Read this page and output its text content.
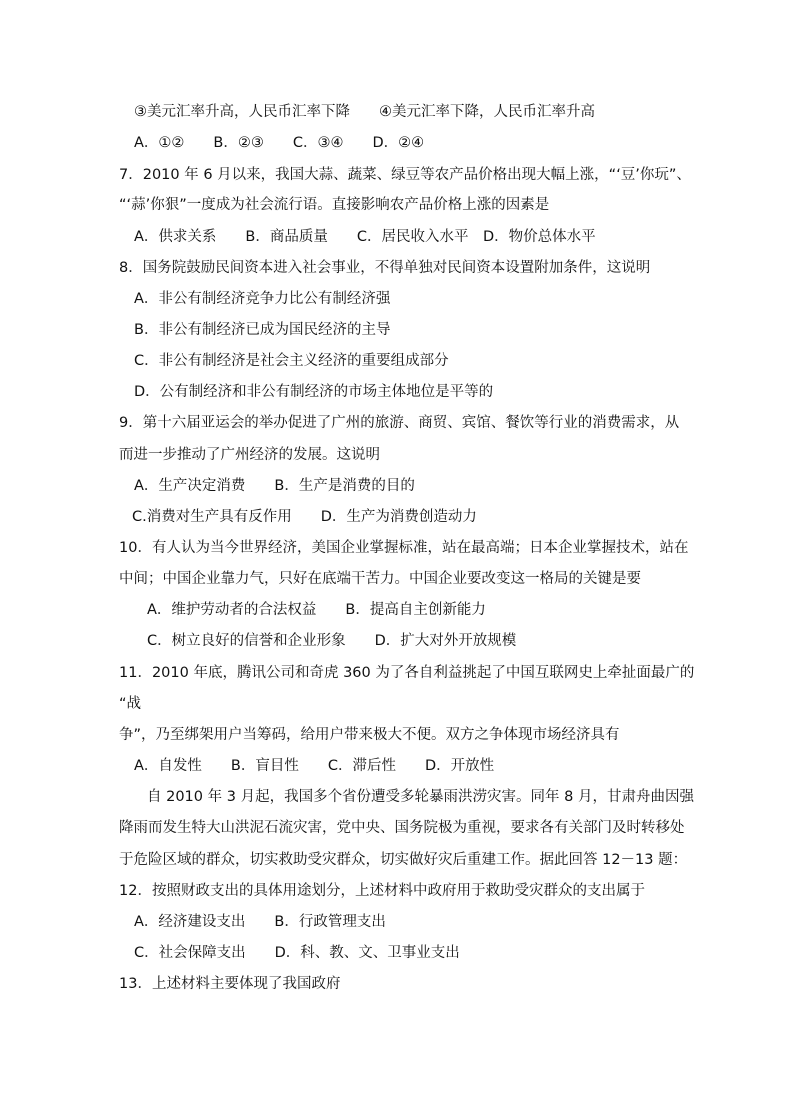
③美元汇率升高，人民币汇率下降　　④美元汇率下降，人民币汇率升高
A．①②　　B．②③　　C．③④　　D．②④
7．2010 年 6 月以来，我国大蒜、蔬菜、绿豆等农产品价格出现大幅上涨，“‘豆’你玩”、
“‘蒜’你狠”一度成为社会流行语。直接影响农产品价格上涨的因素是
A．供求关系　　B．商品质量　　C．居民收入水平　D．物价总体水平
8．国务院鼓励民间资本进入社会事业，不得单独对民间资本设置附加条件，这说明
A．非公有制经济竞争力比公有制经济强
B．非公有制经济已成为国民经济的主导
C．非公有制经济是社会主义经济的重要组成部分
D．公有制经济和非公有制经济的市场主体地位是平等的
9．第十六届亚运会的举办促进了广州的旅游、商贸、宾馆、餐饮等行业的消费需求，从
而进一步推动了广州经济的发展。这说明
A．生产决定消费　　B．生产是消费的目的
C.消费对生产具有反作用　　D．生产为消费创造动力
10．有人认为当今世界经济，美国企业掌握标准，站在最高端；日本企业掌握技术，站在
中间；中国企业靠力气，只好在底端干苦力。中国企业要改变这一格局的关键是要
A．维护劳动者的合法权益　　B．提高自主创新能力
C．树立良好的信誉和企业形象　　D．扩大对外开放规模
11．2010 年底，腾讯公司和奇虎 360 为了各自利益挑起了中国互联网史上牵扯面最广的
“战
争”，乃至绑架用户当筹码，给用户带来极大不便。双方之争体现市场经济具有
A．自发性　　B．盲目性　　C．滞后性　　D．开放性
自 2010 年 3 月起，我国多个省份遭受多轮暴雨洪涝灾害。同年 8 月，甘肃舟曲因强
降雨而发生特大山洪泥石流灾害，党中央、国务院极为重视，要求各有关部门及时转移处
于危险区域的群众，切实救助受灾群众，切实做好灾后重建工作。据此回答 12－13 题：
12．按照财政支出的具体用途划分，上述材料中政府用于救助受灾群众的支出属于
A．经济建设支出　　B．行政管理支出
C．社会保障支出　　D．科、教、文、卫事业支出
13．上述材料主要体现了我国政府
